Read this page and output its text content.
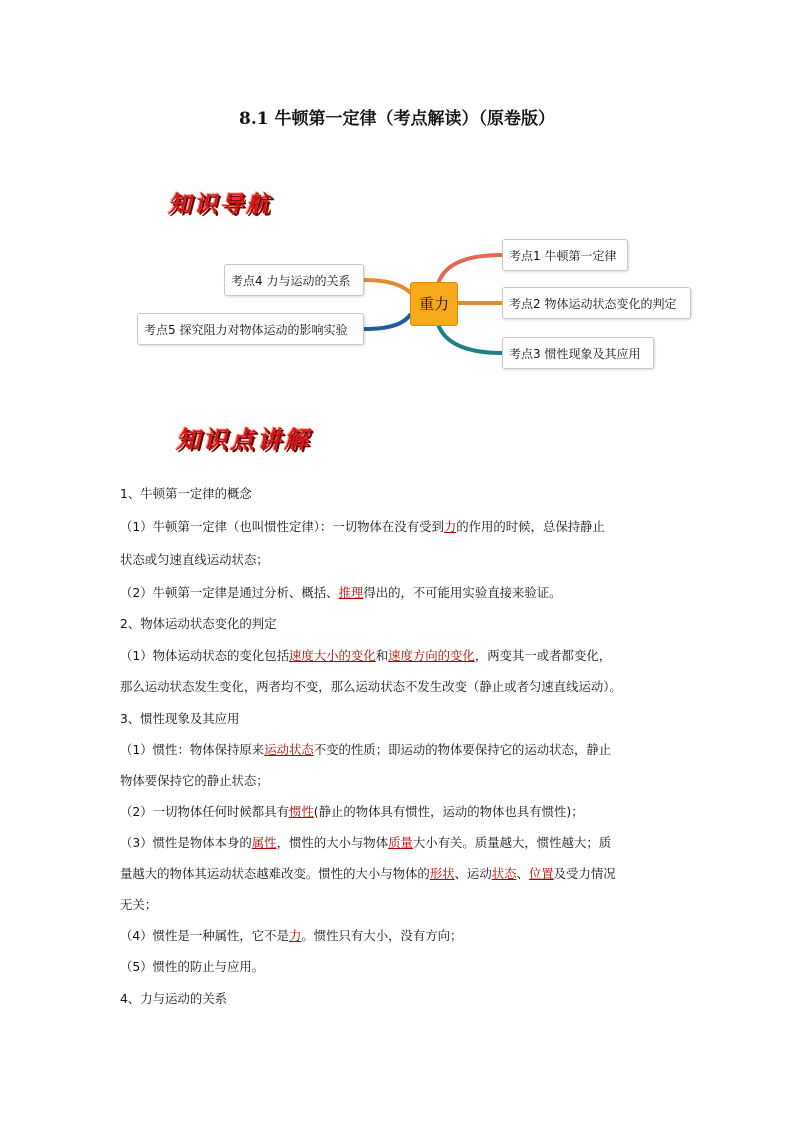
8.1 牛顿第一定律（考点解读）（原卷版）
知识导航
重力
考点1 牛顿第一定律
考点2 物体运动状态变化的判定
考点3 惯性现象及其应用
考点4 力与运动的关系
考点5 探究阻力对物体运动的影响实验
知识点讲解
1、牛顿第一定律的概念
（1）牛顿第一定律（也叫惯性定律）：一切物体在没有受到力的作用的时候，总保持静止
状态或匀速直线运动状态；
（2）牛顿第一定律是通过分析、概括、推理得出的，不可能用实验直接来验证。
2、物体运动状态变化的判定
（1）物体运动状态的变化包括速度大小的变化和速度方向的变化，两变其一或者都变化，
那么运动状态发生变化，两者均不变，那么运动状态不发生改变（静止或者匀速直线运动）。
3、惯性现象及其应用
（1）惯性：物体保持原来运动状态不变的性质；即运动的物体要保持它的运动状态，静止
物体要保持它的静止状态；
（2）一切物体任何时候都具有惯性(静止的物体具有惯性，运动的物体也具有惯性)；
（3）惯性是物体本身的属性，惯性的大小与物体质量大小有关。质量越大，惯性越大；质
量越大的物体其运动状态越难改变。惯性的大小与物体的形状、运动状态、位置及受力情况
无关；
（4）惯性是一种属性，它不是力。惯性只有大小，没有方向；
（5）惯性的防止与应用。
4、力与运动的关系
